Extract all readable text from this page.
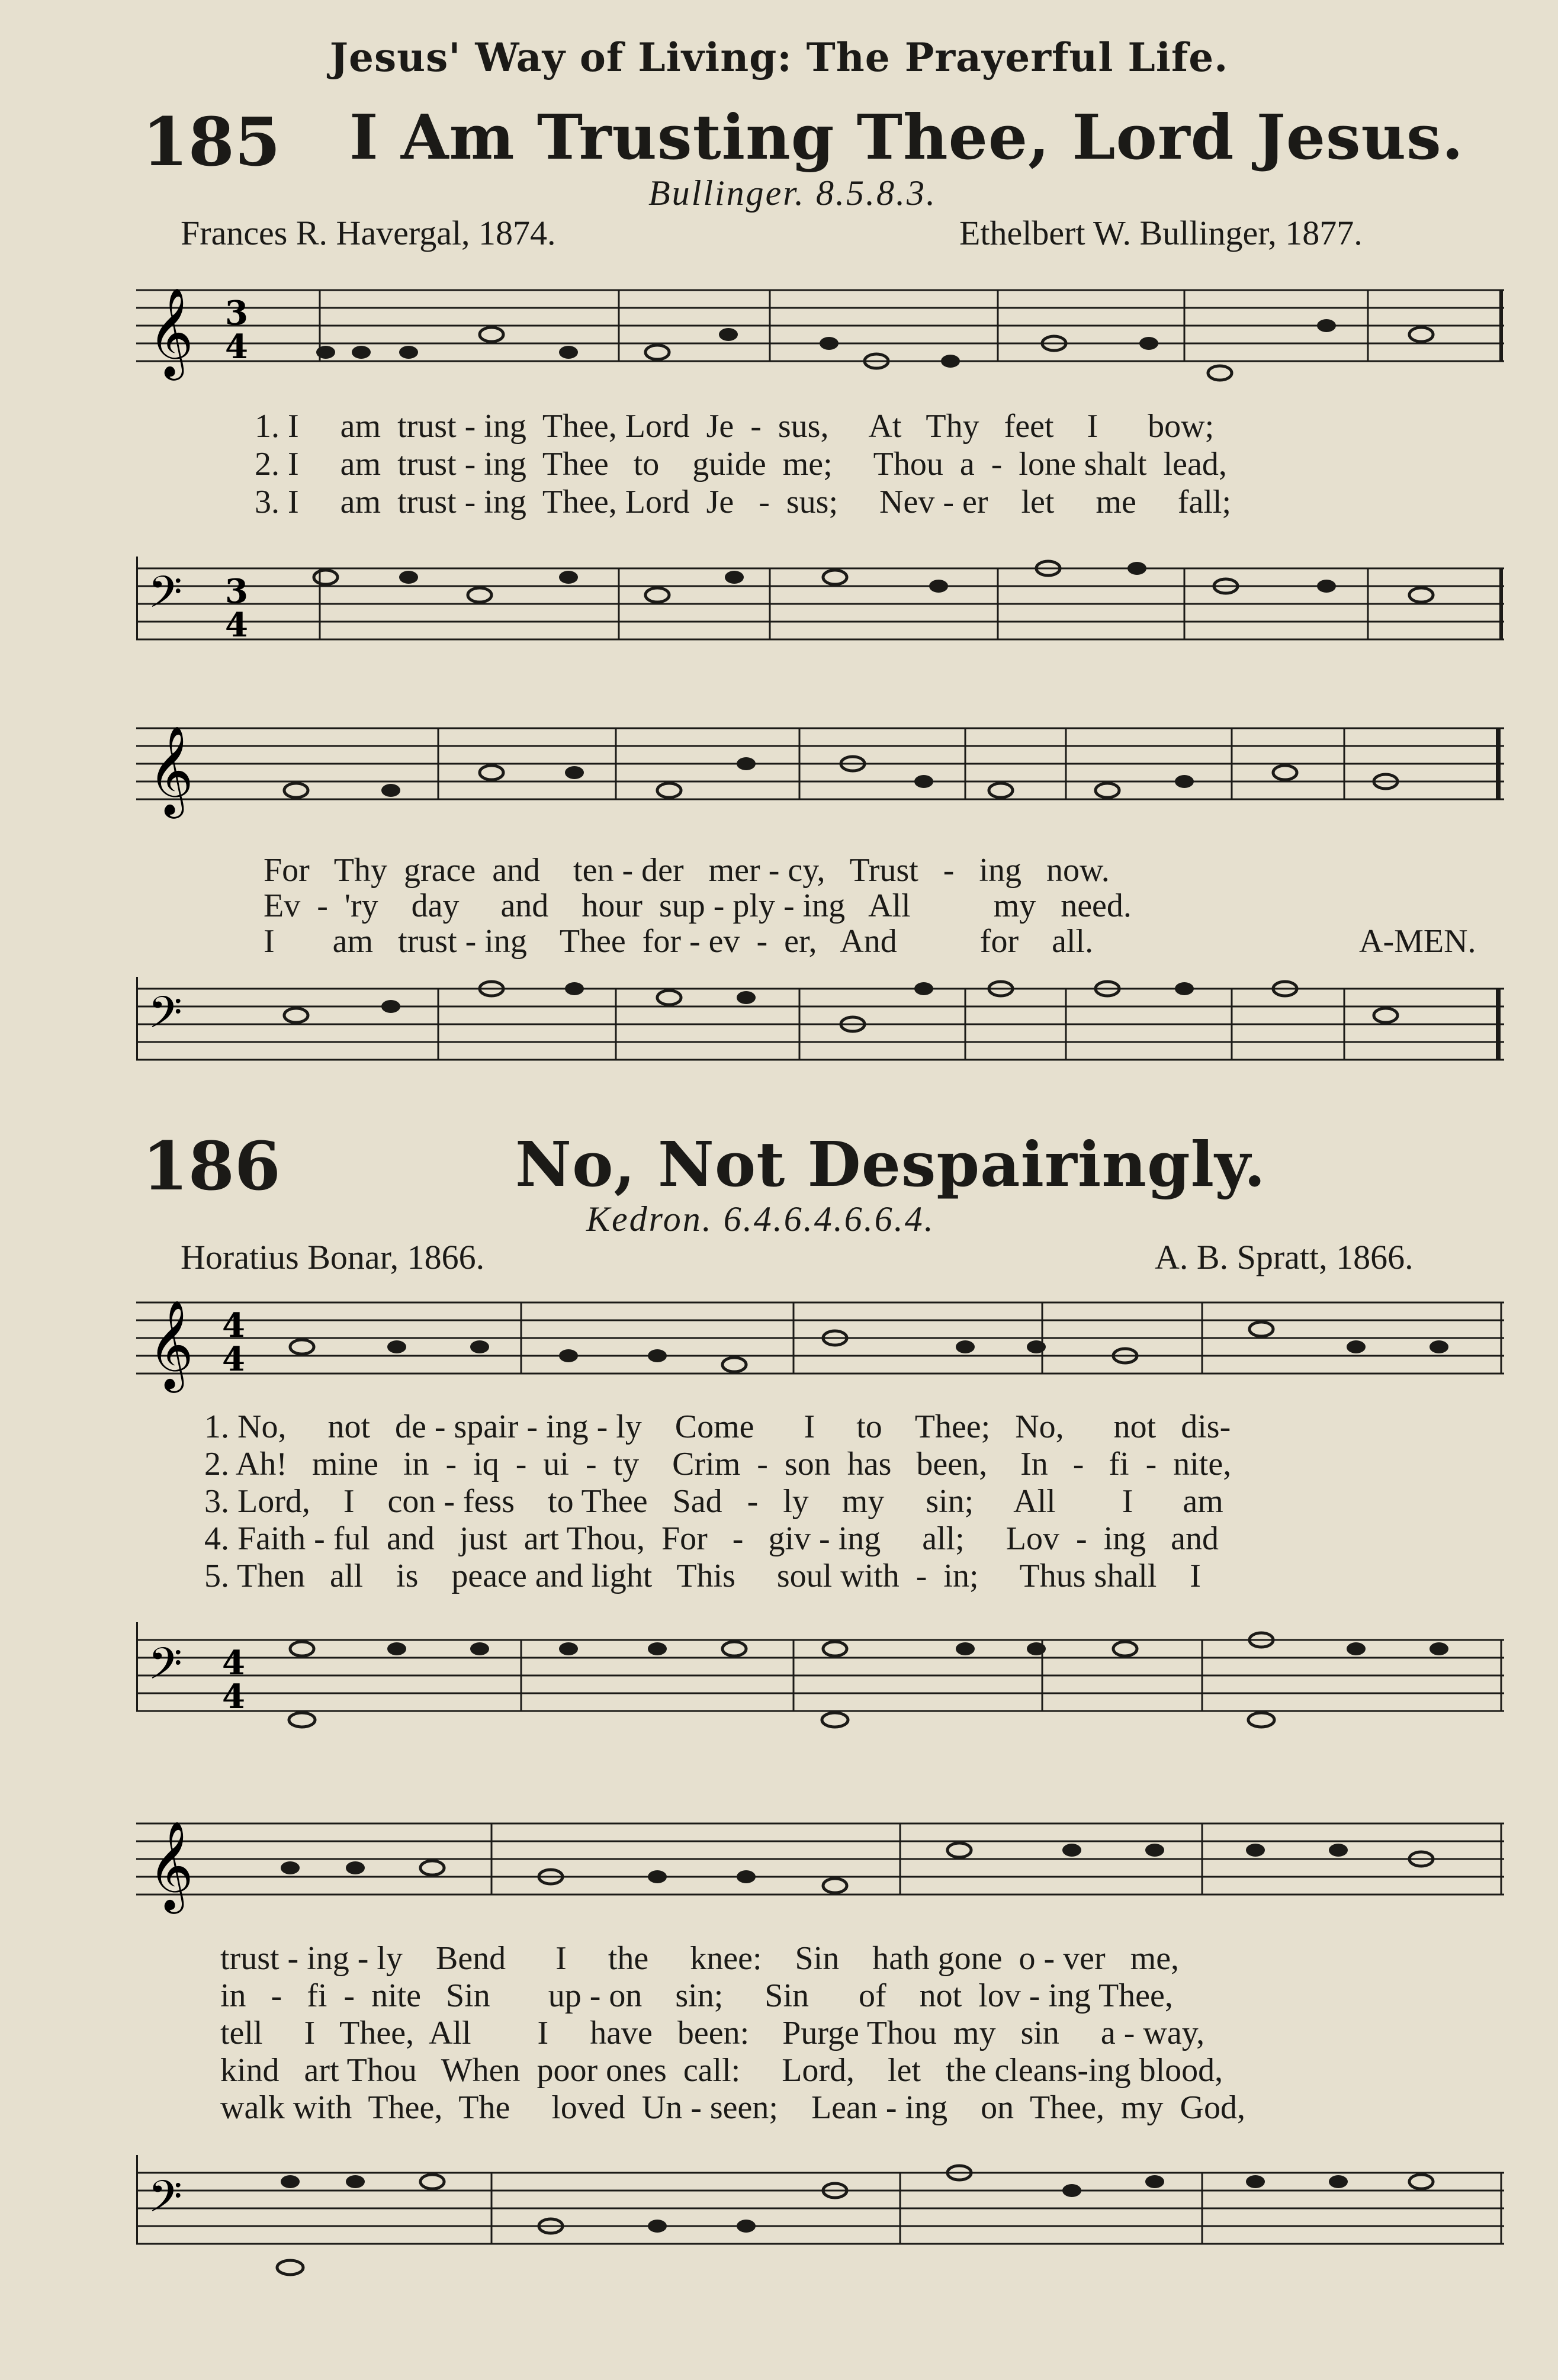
Jesus' Way of Living: The Prayerful Life.
185 I Am Trusting Thee, Lord Jesus.
Bullinger. 8.5.8.3.
Frances R. Havergal, 1874.	Ethelbert W. Bullinger, 1877.
𝄞 3
4
1. I     am  trust - ing  Thee, Lord  Je  -  sus,     At   Thy   feet    I      bow;
2. I     am  trust - ing  Thee   to    guide  me;     Thou  a  -  lone shalt  lead,
3. I     am  trust - ing  Thee, Lord  Je   -  sus;     Nev - er    let     me     fall;
𝄢 3
4
𝄞
For   Thy  grace  and    ten - der   mer - cy,   Trust   -   ing   now.
Ev  -  'ry    day     and    hour  sup - ply - ing   All          my   need.
I       am   trust - ing    Thee  for - ev  -  er,   And          for    all.	A-MEN.
𝄢
186	No, Not Despairingly.
Kedron. 6.4.6.4.6.6.4.
Horatius Bonar, 1866.	A. B. Spratt, 1866.
𝄞 4
4
1. No,     not   de - spair - ing - ly    Come      I     to    Thee;   No,      not   dis-
2. Ah!   mine   in  -  iq  -  ui  -  ty    Crim  -  son  has   been,    In   -   fi  -  nite,
3. Lord,    I    con - fess    to Thee   Sad   -   ly    my     sin;     All        I      am
4. Faith - ful  and   just  art Thou,  For   -   giv - ing     all;     Lov  -  ing   and
5. Then   all    is    peace and light   This     soul with  -  in;     Thus shall    I
𝄢 4
4
𝄞
trust - ing - ly    Bend      I     the     knee:    Sin    hath gone  o - ver   me,
in   -   fi  -  nite   Sin       up - on    sin;     Sin      of    not  lov - ing Thee,
tell     I   Thee,  All        I     have   been:    Purge Thou  my   sin     a - way,
kind   art Thou   When  poor ones  call:     Lord,    let   the cleans-ing blood,
walk with  Thee,  The     loved  Un - seen;    Lean - ing    on  Thee,  my  God,
𝄢
